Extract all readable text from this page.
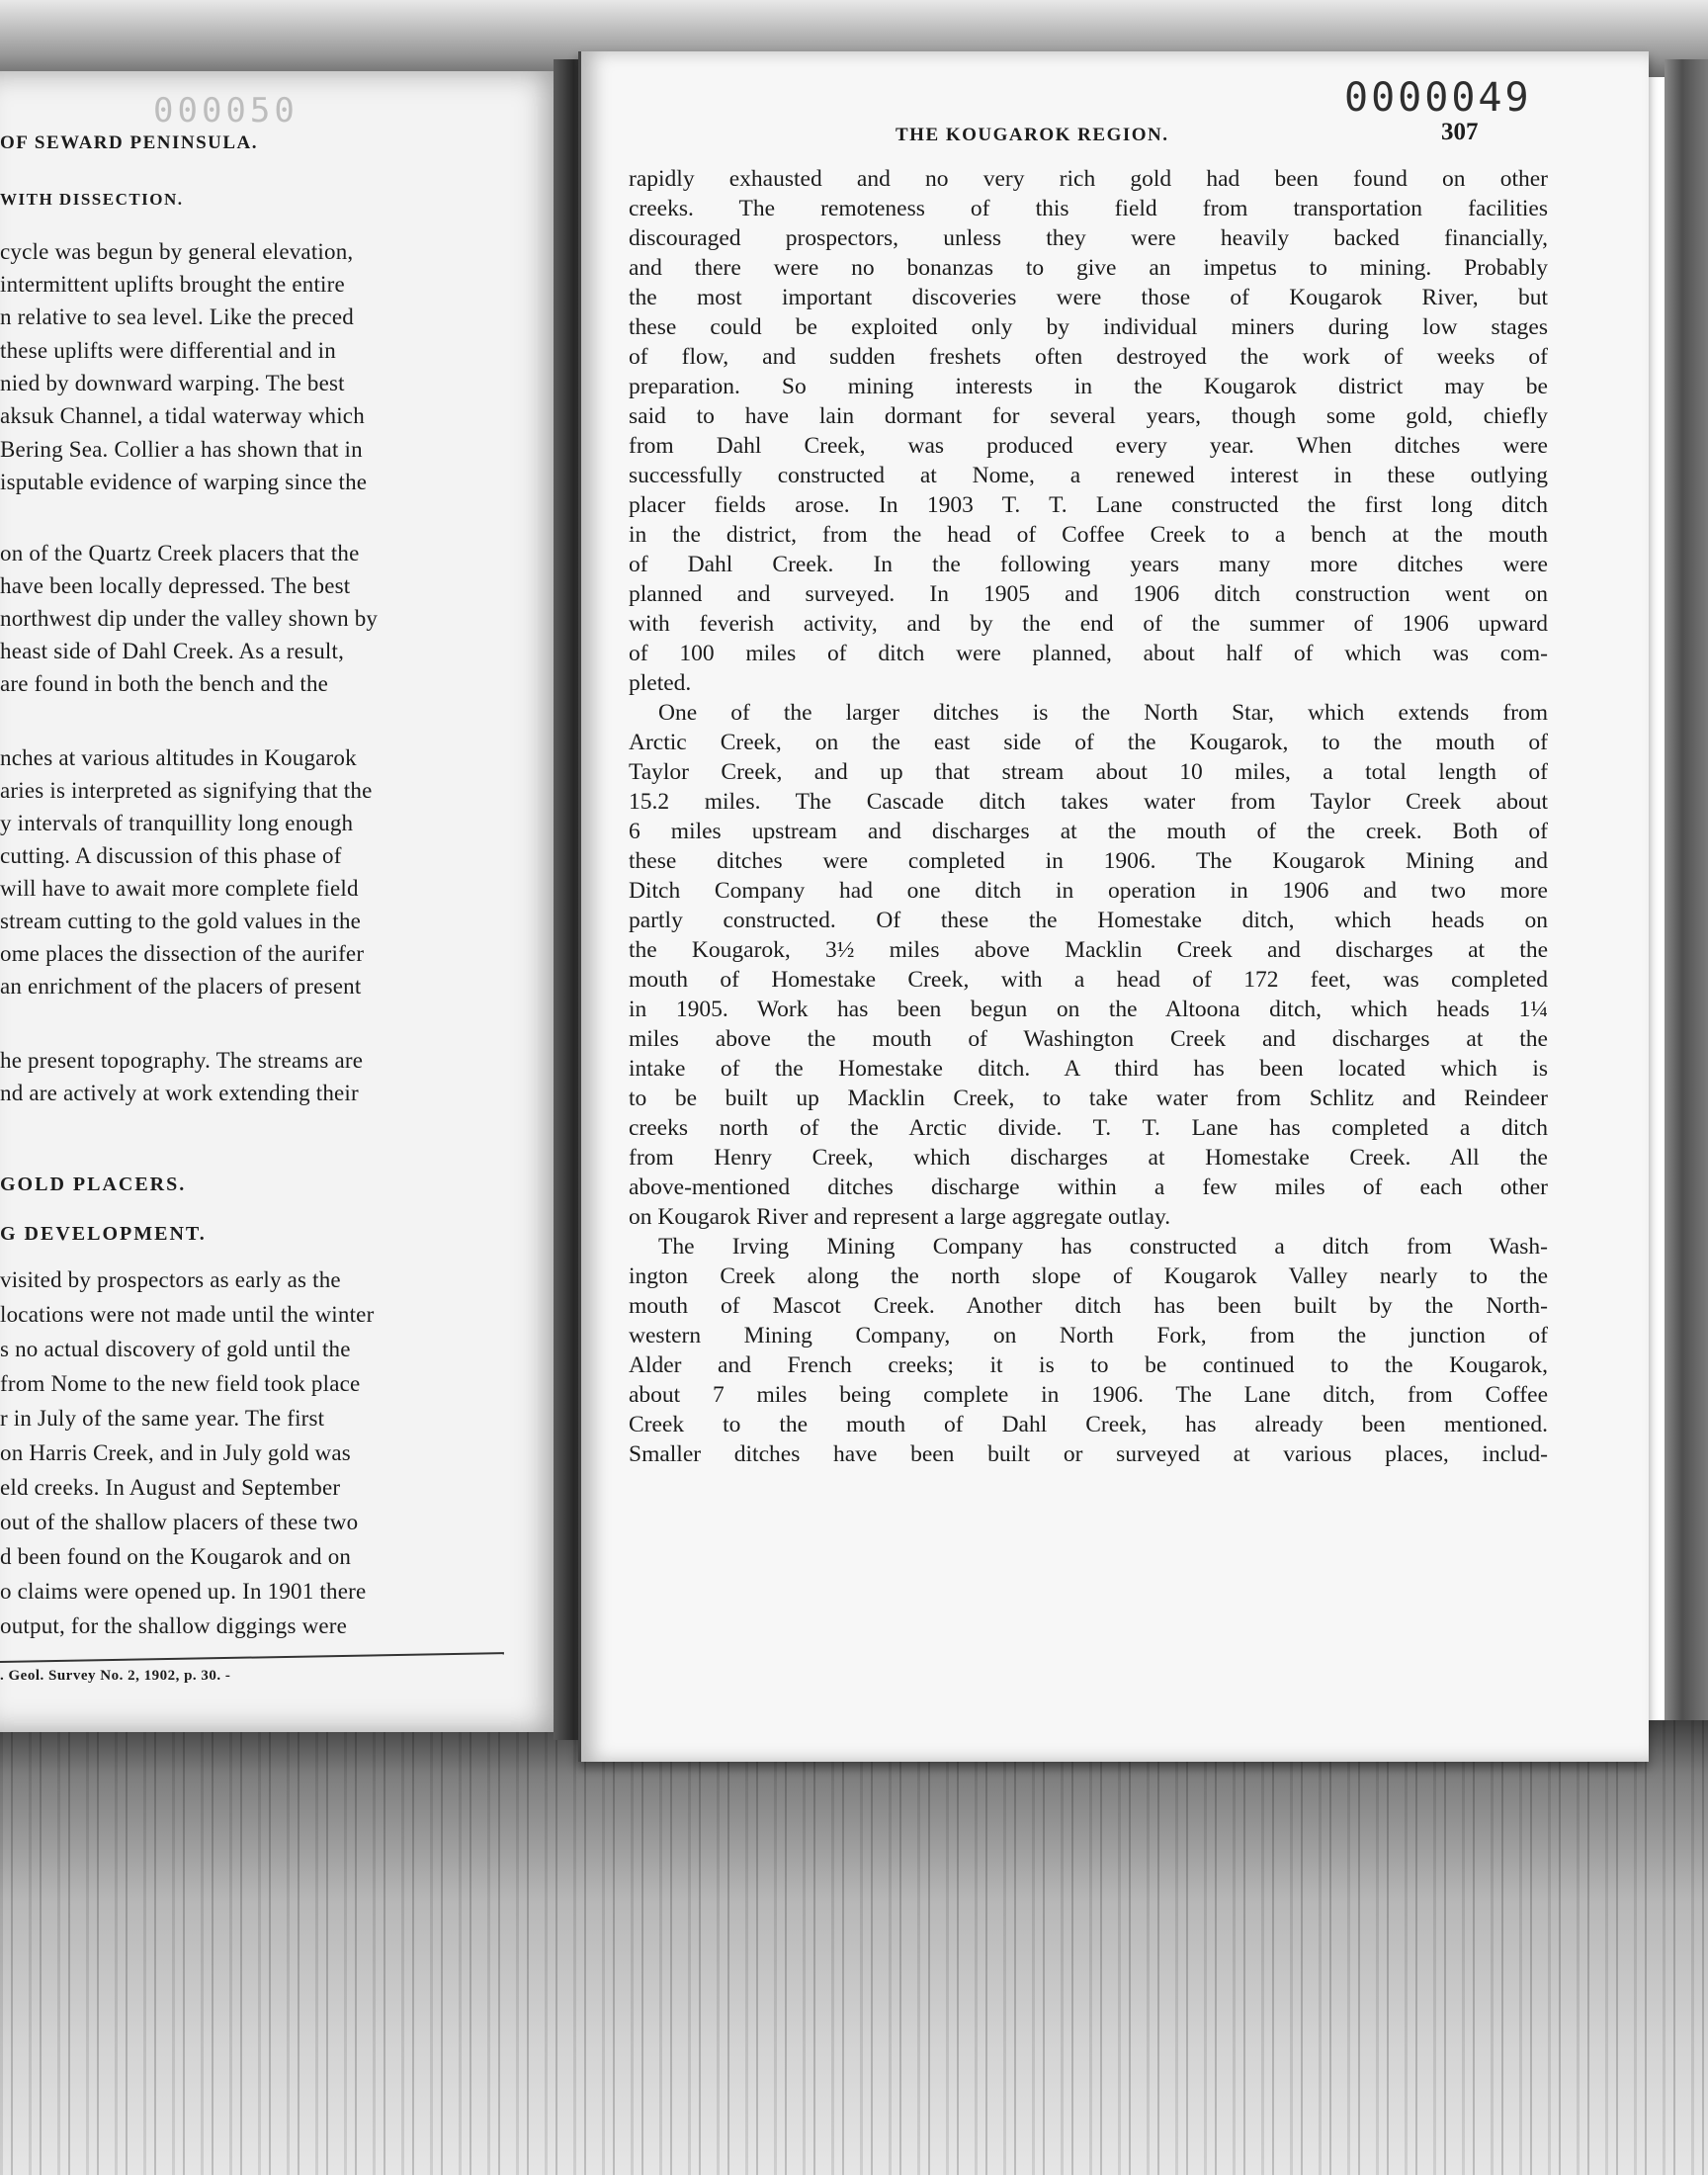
000050
OF SEWARD PENINSULA.
WITH DISSECTION.
cycle was begun by general elevation,
intermittent uplifts brought the entire
n relative to sea level. Like the preced
these uplifts were differential and in
nied by downward warping. The best
aksuk Channel, a tidal waterway which
Bering Sea. Collier a has shown that in
isputable evidence of warping since the
on of the Quartz Creek placers that the
have been locally depressed. The best
northwest dip under the valley shown by
heast side of Dahl Creek. As a result,
are found in both the bench and the
nches at various altitudes in Kougarok
aries is interpreted as signifying that the
y intervals of tranquillity long enough
cutting. A discussion of this phase of
will have to await more complete field
stream cutting to the gold values in the
ome places the dissection of the aurifer
an enrichment of the placers of present
he present topography. The streams are
nd are actively at work extending their
GOLD PLACERS.
G DEVELOPMENT.
visited by prospectors as early as the
locations were not made until the winter
s no actual discovery of gold until the
from Nome to the new field took place
r in July of the same year. The first
on Harris Creek, and in July gold was
eld creeks. In August and September
out of the shallow placers of these two
d been found on the Kougarok and on
o claims were opened up. In 1901 there
output, for the shallow diggings were
. Geol. Survey No. 2, 1902, p. 30. -
0000049
THE KOUGAROK REGION.	307
rapidly exhausted and no very rich gold had been found on other
creeks. The remoteness of this field from transportation facilities
discouraged prospectors, unless they were heavily backed financially,
and there were no bonanzas to give an impetus to mining. Probably
the most important discoveries were those of Kougarok River, but
these could be exploited only by individual miners during low stages
of flow, and sudden freshets often destroyed the work of weeks of
preparation. So mining interests in the Kougarok district may be
said to have lain dormant for several years, though some gold, chiefly
from Dahl Creek, was produced every year. When ditches were
successfully constructed at Nome, a renewed interest in these outlying
placer fields arose. In 1903 T. T. Lane constructed the first long ditch
in the district, from the head of Coffee Creek to a bench at the mouth
of Dahl Creek. In the following years many more ditches were
planned and surveyed. In 1905 and 1906 ditch construction went on
with feverish activity, and by the end of the summer of 1906 upward
of 100 miles of ditch were planned, about half of which was com-
pleted.
One of the larger ditches is the North Star, which extends from
Arctic Creek, on the east side of the Kougarok, to the mouth of
Taylor Creek, and up that stream about 10 miles, a total length of
15.2 miles. The Cascade ditch takes water from Taylor Creek about
6 miles upstream and discharges at the mouth of the creek. Both of
these ditches were completed in 1906. The Kougarok Mining and
Ditch Company had one ditch in operation in 1906 and two more
partly constructed. Of these the Homestake ditch, which heads on
the Kougarok, 3½ miles above Macklin Creek and discharges at the
mouth of Homestake Creek, with a head of 172 feet, was completed
in 1905. Work has been begun on the Altoona ditch, which heads 1¼
miles above the mouth of Washington Creek and discharges at the
intake of the Homestake ditch. A third has been located which is
to be built up Macklin Creek, to take water from Schlitz and Reindeer
creeks north of the Arctic divide. T. T. Lane has completed a ditch
from Henry Creek, which discharges at Homestake Creek. All the
above-mentioned ditches discharge within a few miles of each other
on Kougarok River and represent a large aggregate outlay.
The Irving Mining Company has constructed a ditch from Wash-
ington Creek along the north slope of Kougarok Valley nearly to the
mouth of Mascot Creek. Another ditch has been built by the North-
western Mining Company, on North Fork, from the junction of
Alder and French creeks; it is to be continued to the Kougarok,
about 7 miles being complete in 1906. The Lane ditch, from Coffee
Creek to the mouth of Dahl Creek, has already been mentioned.
Smaller ditches have been built or surveyed at various places, includ-
